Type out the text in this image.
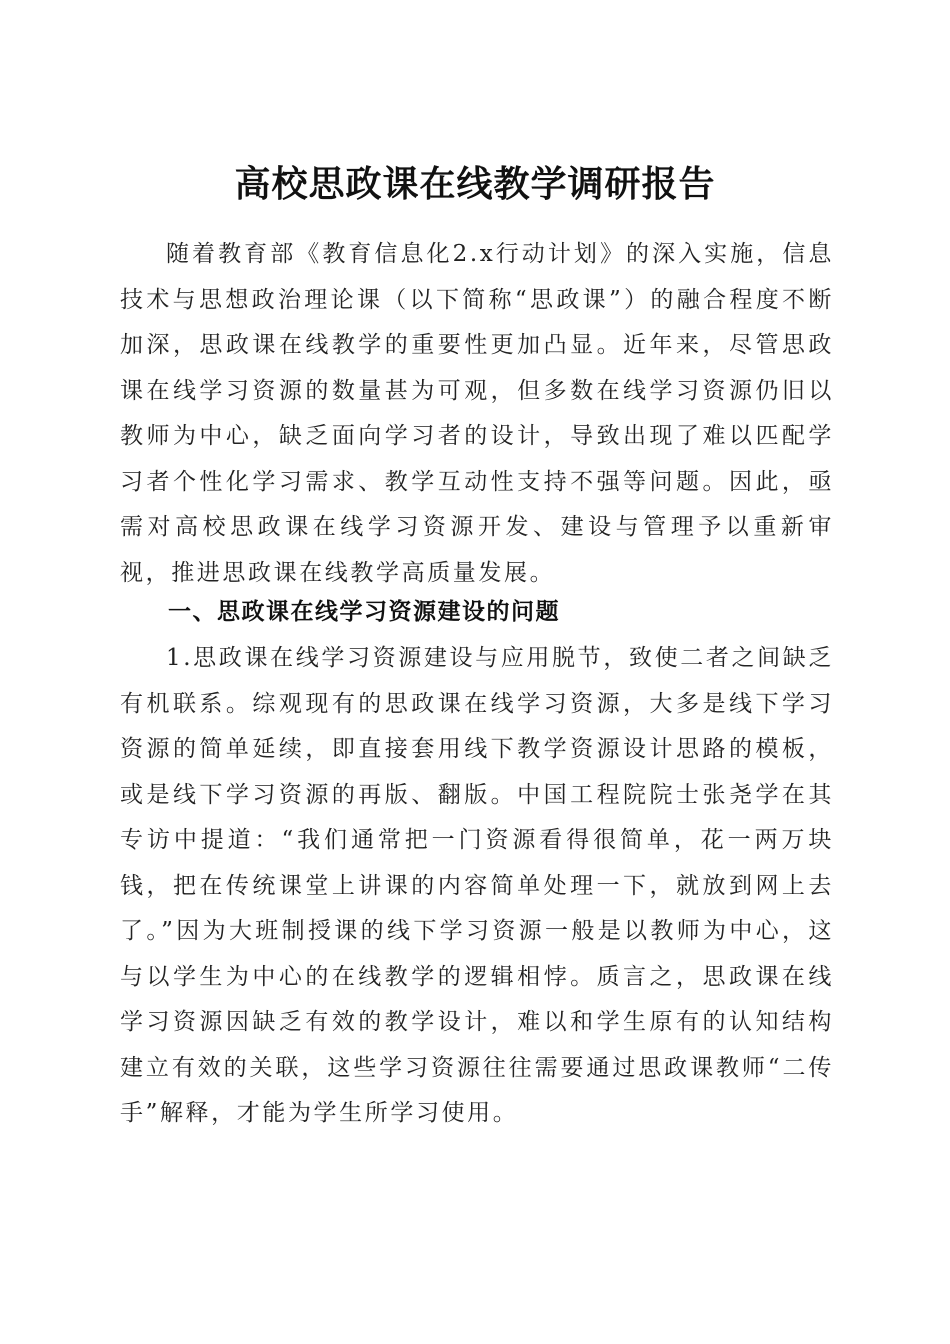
高校思政课在线教学调研报告

随着教育部《教育信息化2.x行动计划》的深入实施，信息技术与思想政治理论课（以下简称“思政课”）的融合程度不断加深，思政课在线教学的重要性更加凸显。近年来，尽管思政课在线学习资源的数量甚为可观，但多数在线学习资源仍旧以教师为中心，缺乏面向学习者的设计，导致出现了难以匹配学习者个性化学习需求、教学互动性支持不强等问题。因此，亟需对高校思政课在线学习资源开发、建设与管理予以重新审视，推进思政课在线教学高质量发展。

一、思政课在线学习资源建设的问题

1.思政课在线学习资源建设与应用脱节，致使二者之间缺乏有机联系。综观现有的思政课在线学习资源，大多是线下学习资源的简单延续，即直接套用线下教学资源设计思路的模板，或是线下学习资源的再版、翻版。中国工程院院士张尧学在其专访中提道：“我们通常把一门资源看得很简单，花一两万块钱，把在传统课堂上讲课的内容简单处理一下，就放到网上去了。”因为大班制授课的线下学习资源一般是以教师为中心，这与以学生为中心的在线教学的逻辑相悖。质言之，思政课在线学习资源因缺乏有效的教学设计，难以和学生原有的认知结构建立有效的关联，这些学习资源往往需要通过思政课教师“二传手”解释，才能为学生所学习使用。
